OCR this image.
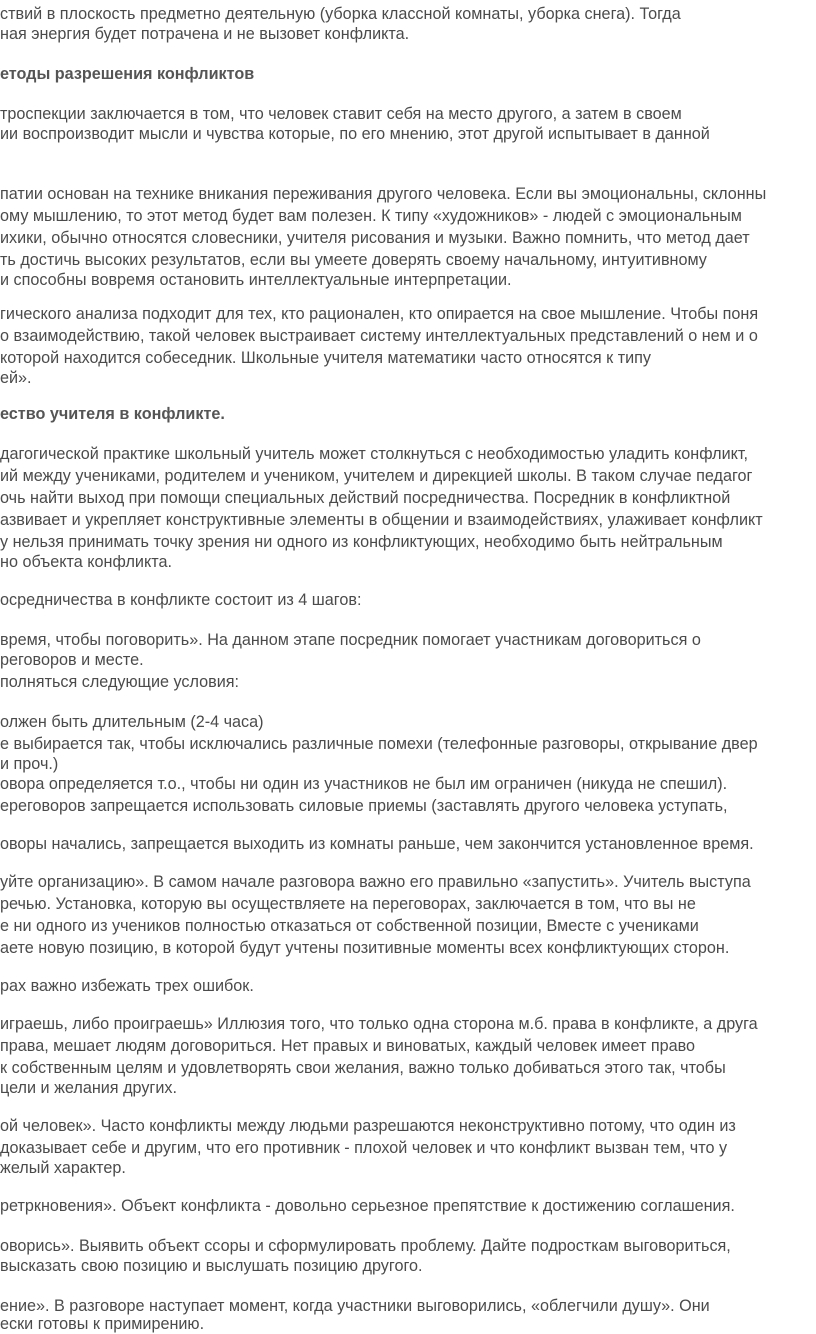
ствий в плоскость предметно деятельную (уборка классной комнаты, уборка снега). Тогда
ная энергия будет потрачена и не вызовет конфликта.
етоды разрешения конфликтов
троспекции заключается в том, что человек ставит себя на место другого, а затем в своем
ии воспроизводит мысли и чувства которые, по его мнению, этот другой испытывает в данной
патии основан на технике вникания переживания другого человека. Если вы эмоциональны, склонны
ому мышлению, то этот метод будет вам полезен. К типу «художников» - людей с эмоциональным
ихики, обычно относятся словесники, учителя рисования и музыки. Важно помнить, что метод дает
ть достичь высоких результатов, если вы умеете доверять своему начальному, интуитивному
и способны вовремя остановить интеллектуальные интерпретации.
гического анализа подходит для тех, кто рационален, кто опирается на свое мышление. Чтобы поня
о взаимодействию, такой человек выстраивает систему интеллектуальных представлений о нем и о
которой находится собеседник. Школьные учителя математики часто относятся к типу
ей».
ество учителя в конфликте.
дагогической практике школьный учитель может столкнуться с необходимостью уладить конфликт,
ий между учениками, родителем и учеником, учителем и дирекцией школы. В таком случае педагог
очь найти выход при помощи специальных действий посредничества. Посредник в конфликтной
азвивает и укрепляет конструктивные элементы в общении и взаимодействиях, улаживает конфликт
у нельзя принимать точку зрения ни одного из конфликтующих, необходимо быть нейтральным
но объекта конфликта.
осредничества в конфликте состоит из 4 шагов:
время, чтобы поговорить». На данном этапе посредник помогает участникам договориться о
реговоров и месте.
полняться следующие условия:
олжен быть длительным (2-4 часа)
е выбирается так, чтобы исключались различные помехи (телефонные разговоры, открывание двер
и проч.)
овора определяется т.о., чтобы ни один из участников не был им ограничен (никуда не спешил).
ереговоров запрещается использовать силовые приемы (заставлять другого человека уступать,
оворы начались, запрещается выходить из комнаты раньше, чем закончится установленное время.
уйте организацию». В самом начале разговора важно его правильно «запустить». Учитель выступа
речью. Установка, которую вы осуществляете на переговорах, заключается в том, что вы не
е ни одного из учеников полностью отказаться от собственной позиции, Вместе с учениками
аете новую позицию, в которой будут учтены позитивные моменты всех конфликтующих сторон.
рах важно избежать трех ошибок.
играешь, либо проиграешь» Иллюзия того, что только одна сторона м.б. права в конфликте, а друга
права, мешает людям договориться. Нет правых и виноватых, каждый человек имеет право
к собственным целям и удовлетворять свои желания, важно только добиваться этого так, чтобы
цели и желания других.
ой человек». Часто конфликты между людьми разрешаются неконструктивно потому, что один из
доказывает себе и другим, что его противник - плохой человек и что конфликт вызван тем, что у
желый характер.
ретркновения». Объект конфликта - довольно серьезное препятствие к достижению соглашения.
оворись». Выявить объект ссоры и сформулировать проблему. Дайте подросткам выговориться,
высказать свою позицию и выслушать позицию другого.
ение». В разговоре наступает момент, когда участники выговорились, «облегчили душу». Они
ески готовы к примирению.
